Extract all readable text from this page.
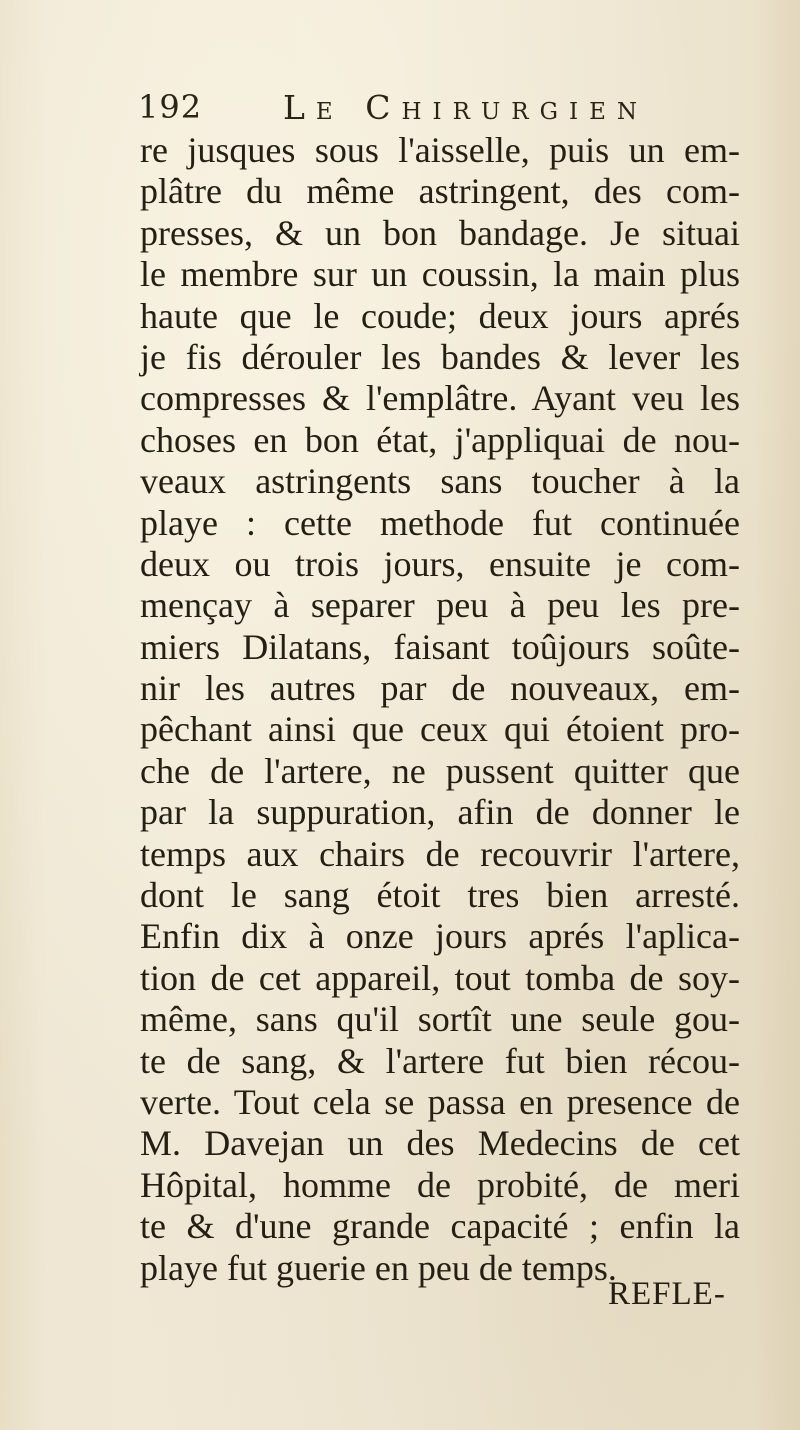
192 Le Chirurgien
re jusques sous l'aisselle, puis un em-
plâtre du même astringent, des com-
presses, & un bon bandage. Je situai
le membre sur un coussin, la main plus
haute que le coude; deux jours aprés
je fis dérouler les bandes & lever les
compresses & l'emplâtre. Ayant veu les
choses en bon état, j'appliquai de nou-
veaux astringents sans toucher à la
playe : cette methode fut continuée
deux ou trois jours, ensuite je com-
mençay à separer peu à peu les pre-
miers Dilatans, faisant toûjours soûte-
nir les autres par de nouveaux, em-
pêchant ainsi que ceux qui étoient pro-
che de l'artere, ne pussent quitter que
par la suppuration, afin de donner le
temps aux chairs de recouvrir l'artere,
dont le sang étoit tres bien arresté.
Enfin dix à onze jours aprés l'aplica-
tion de cet appareil, tout tomba de soy-
même, sans qu'il sortît une seule gou-
te de sang, & l'artere fut bien récou-
verte. Tout cela se passa en presence de
M. Davejan un des Medecins de cet
Hôpital, homme de probité, de meri
te & d'une grande capacité ; enfin la
playe fut guerie en peu de temps.
REFLE-
